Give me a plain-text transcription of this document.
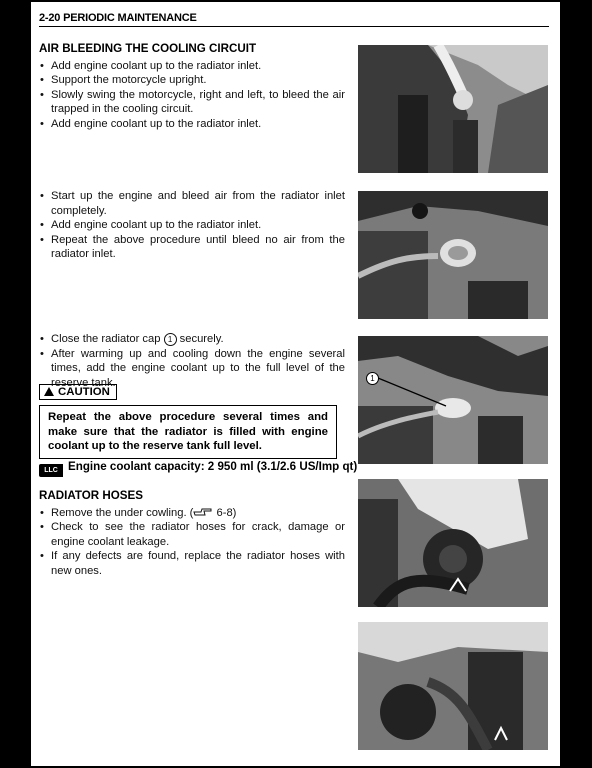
2-20 PERIODIC MAINTENANCE
AIR BLEEDING THE COOLING CIRCUIT
• Add engine coolant up to the radiator inlet.
• Support the motorcycle upright.
• Slowly swing the motorcycle, right and left, to bleed the air trapped in the cooling circuit.
• Add engine coolant up to the radiator inlet.
• Start up the engine and bleed air from the radiator inlet completely.
• Add engine coolant up to the radiator inlet.
• Repeat the above procedure until bleed no air from the radiator inlet.
• Close the radiator cap 1 securely.
• After warming up and cooling down the engine several times, add the engine coolant up to the full level of the reserve tank.
CAUTION
Repeat the above procedure several times and make sure that the radiator is filled with engine coolant up to the reserve tank full level.
LLC Engine coolant capacity: 2 950 ml (3.1/2.6 US/Imp qt)
RADIATOR HOSES
• Remove the under cowling. ( 6-8)
• Check to see the radiator hoses for crack, damage or engine coolant leakage.
• If any defects are found, replace the radiator hoses with new ones.
1
